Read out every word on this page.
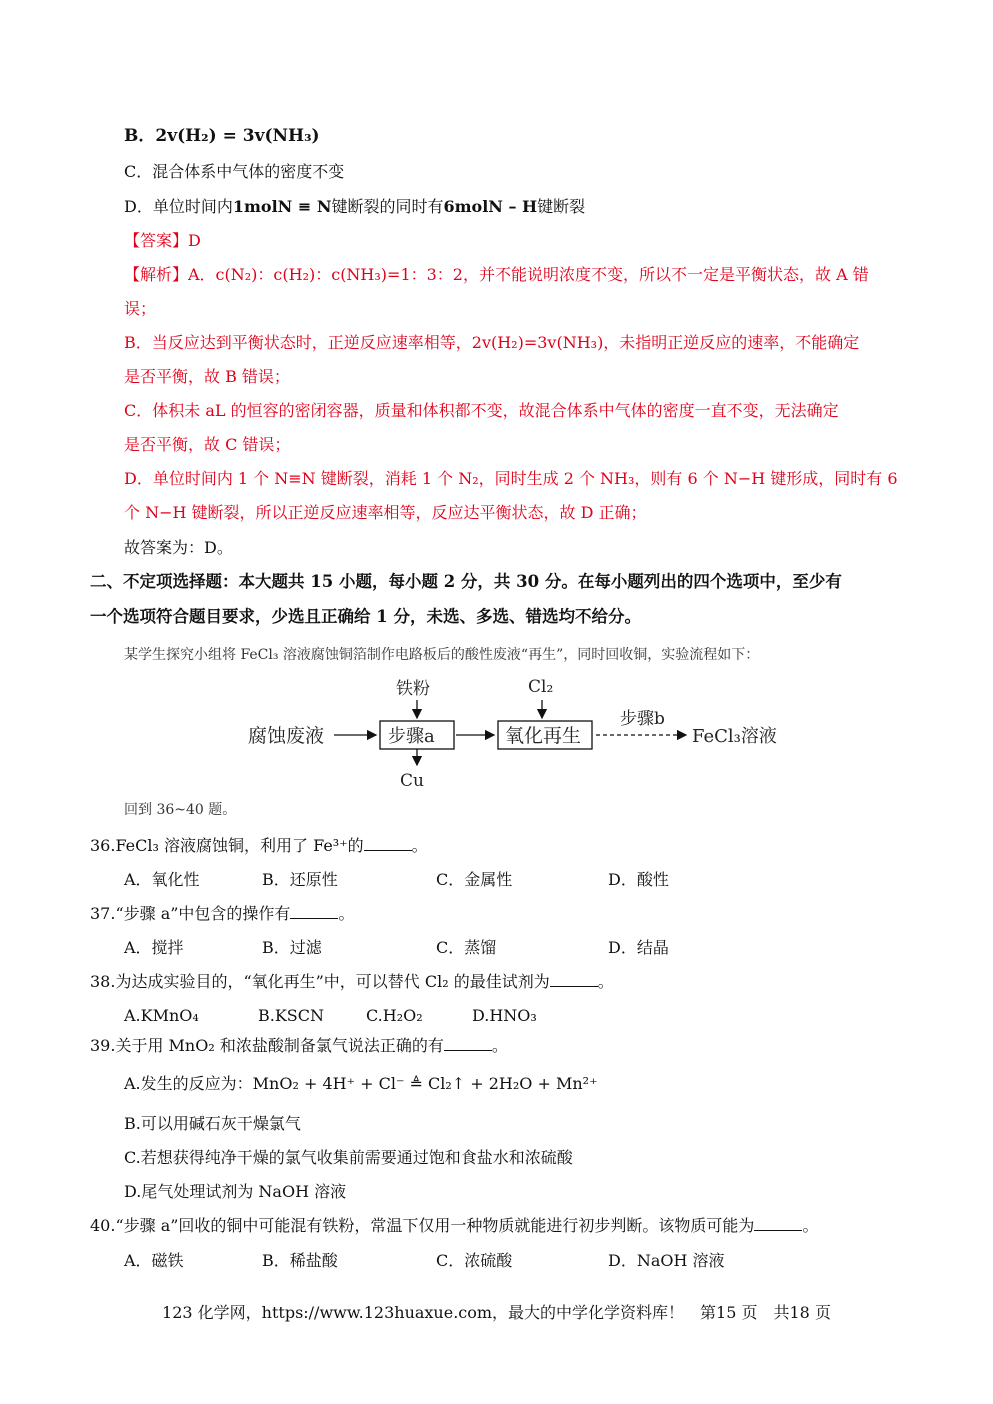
B．2v(H₂) = 3v(NH₃)
C．混合体系中气体的密度不变
D．单位时间内1molN ≡ N键断裂的同时有6molN – H键断裂
【答案】D
【解析】A．c(N₂)：c(H₂)：c(NH₃)=1：3：2，并不能说明浓度不变，所以不一定是平衡状态，故 A 错
误；
B．当反应达到平衡状态时，正逆反应速率相等，2v(H₂)=3v(NH₃)，未指明正逆反应的速率，不能确定
是否平衡，故 B 错误；
C．体积未 aL 的恒容的密闭容器，质量和体积都不变，故混合体系中气体的密度一直不变，无法确定
是否平衡，故 C 错误；
D．单位时间内 1 个 N≡N 键断裂，消耗 1 个 N₂，同时生成 2 个 NH₃，则有 6 个 N−H 键形成，同时有 6
个 N−H 键断裂，所以正逆反应速率相等，反应达平衡状态，故 D 正确；
故答案为：D。
二、不定项选择题：本大题共 15 小题，每小题 2 分，共 30 分。在每小题列出的四个选项中，至少有
一个选项符合题目要求，少选且正确给 1 分，未选、多选、错选均不给分。
某学生探究小组将 FeCl₃ 溶液腐蚀铜箔制作电路板后的酸性废液“再生”，同时回收铜，实验流程如下：
腐蚀废液	步骤a
铁粉
Cu
氧化再生
Cl₂
步骤b
FeCl₃溶液
回到 36~40 题。
36.FeCl₃ 溶液腐蚀铜，利用了 Fe³⁺的	。
A．氧化性	B．还原性	C．金属性	D．酸性
37.“步骤 a”中包含的操作有	。
A．搅拌	B．过滤	C．蒸馏	D．结晶
38.为达成实验目的，“氧化再生”中，可以替代 Cl₂ 的最佳试剂为	。
A.KMnO₄	B.KSCN	C.H₂O₂	D.HNO₃
39.关于用 MnO₂ 和浓盐酸制备氯气说法正确的有	。
A.发生的反应为：MnO₂ + 4H⁺ + Cl⁻ ≜ Cl₂↑ + 2H₂O + Mn²⁺
B.可以用碱石灰干燥氯气
C.若想获得纯净干燥的氯气收集前需要通过饱和食盐水和浓硫酸
D.尾气处理试剂为 NaOH 溶液
40.“步骤 a”回收的铜中可能混有铁粉，常温下仅用一种物质就能进行初步判断。该物质可能为	。
A．磁铁	B．稀盐酸	C．浓硫酸	D．NaOH 溶液
123 化学网，https://www.123huaxue.com，最大的中学化学资料库！　第15 页　共18 页
